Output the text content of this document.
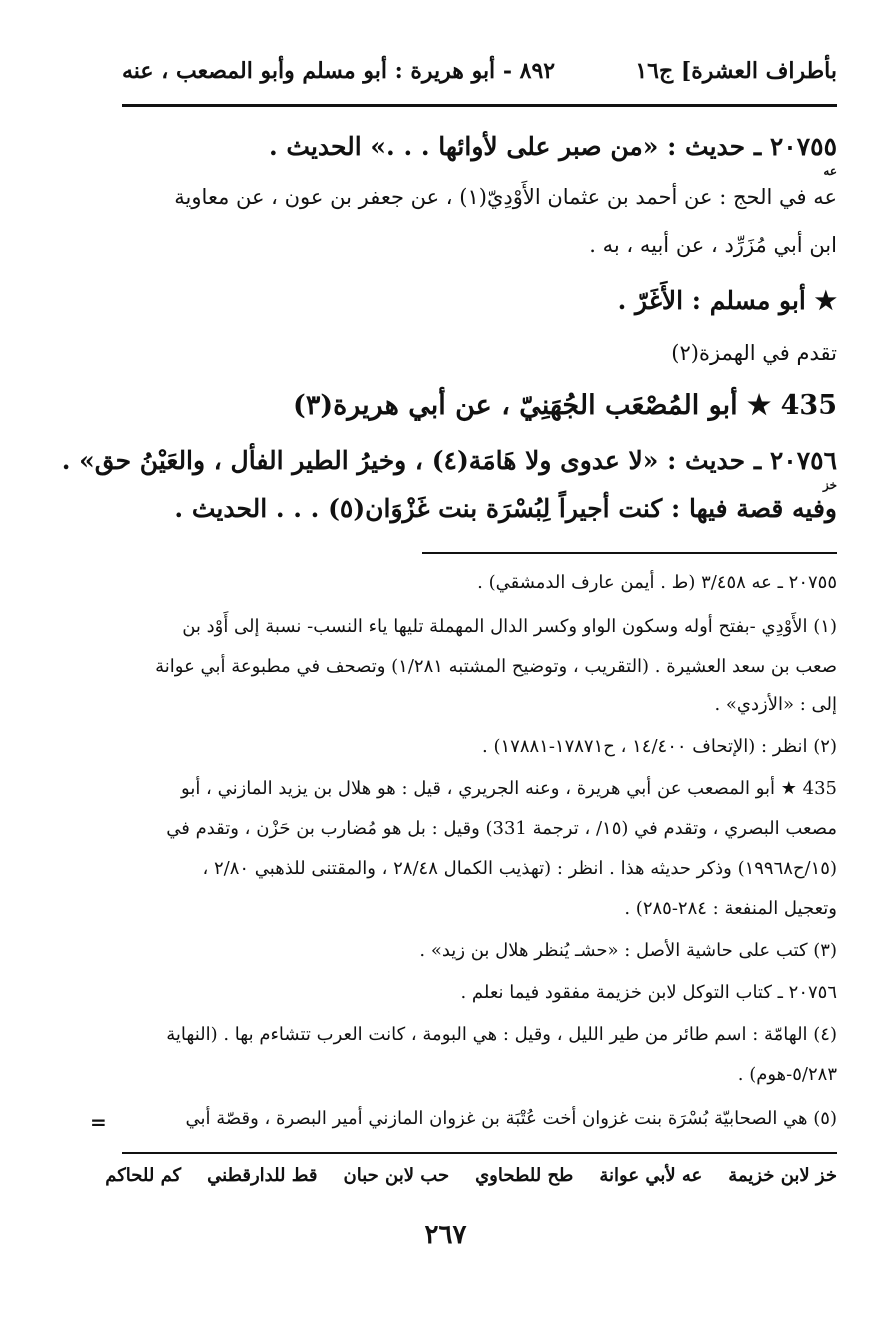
بأطراف العشرة] ج١٦
٨٩٢ - أبو هريرة : أبو مسلم وأبو المصعب ، عنه
٢٠٧٥٥ ـ حديث : «من صبر على لأوائها . . .» الحديث .
عه
عه في الحج : عن أحمد بن عثمان الأَوْدِيّ(١) ، عن جعفر بن عون ، عن معاوية
ابن أبي مُزَرِّد ، عن أبيه ، به .
★ أبو مسلم : الأَغَرّ .
تقدم في الهمزة(٢)
435 ★ أبو المُصْعَب الجُهَنِيّ ، عن أبي هريرة(٣)
٢٠٧٥٦ ـ حديث : «لا عدوى ولا هَامَة(٤) ، وخيرُ الطير الفأل ، والعَيْنُ حق» .
خز
وفيه قصة فيها : كنت أجيراً لِبُسْرَة بنت غَزْوَان(٥) . . . الحديث .
٢٠٧٥٥ ـ عه ٣/٤٥٨ (ط . أيمن عارف الدمشقي) .
(١) الأَوْدِي -بفتح أوله وسكون الواو وكسر الدال المهملة تليها ياء النسب- نسبة إلى أَوْد بن
صعب بن سعد العشيرة . (التقريب ، وتوضيح المشتبه ١/٢٨١) وتصحف في مطبوعة أبي عوانة
إلى : «الأزدي» .
(٢) انظر : (الإتحاف ١٤/٤٠٠ ، ح١٧٨٧١-١٧٨٨١) .
435 ★ أبو المصعب عن أبي هريرة ، وعنه الجريري ، قيل : هو هلال بن يزيد المازني ، أبو
مصعب البصري ، وتقدم في (١٥/ ، ترجمة 331) وقيل : بل هو مُضارب بن حَزْن ، وتقدم في
(١٥/ح١٩٩٦٨) وذكر حديثه هذا . انظر : (تهذيب الكمال ٢٨/٤٨ ، والمقتنى للذهبي ٢/٨٠ ،
وتعجيل المنفعة : ٢٨٤-٢٨٥) .
(٣) كتب على حاشية الأصل : «حشـ يُنظر هلال بن زيد» .
٢٠٧٥٦ ـ كتاب التوكل لابن خزيمة مفقود فيما نعلم .
(٤) الهامّة : اسم طائر من طير الليل ، وقيل : هي البومة ، كانت العرب تتشاءم بها . (النهاية
٥/٢٨٣-هوم) .
(٥) هي الصحابيّة بُسْرَة بنت غزوان أخت عُتْبَة بن غزوان المازني أمير البصرة ، وقصّة أبي
=
خز لابن خزيمة
عه لأبي عوانة
طح للطحاوي
حب لابن حبان
قط للدارقطني
كم للحاكم
٢٦٧
